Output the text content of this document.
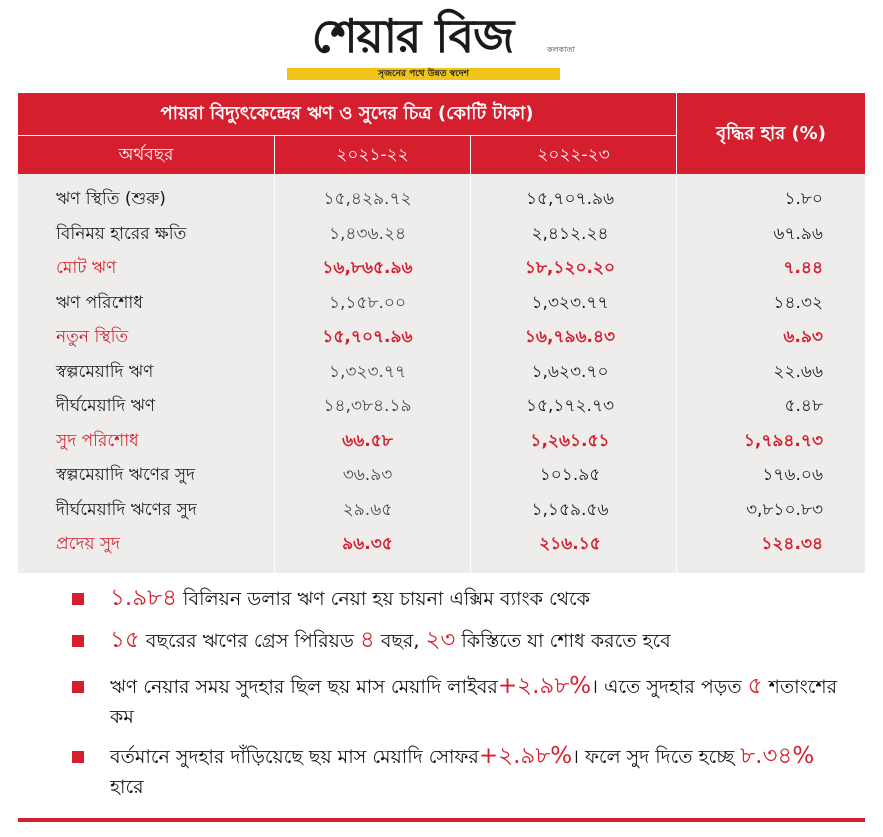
শেয়ার বিজ	কলকাতা
সৃজনের পথে উন্নত স্বদেশ
পায়রা বিদ্যুৎকেন্দ্রের ঋণ ও সুদের চিত্র (কোটি টাকা)
অর্থবছর	২০২১-২২	২০২২-২৩
বৃদ্ধির হার (%)
ঋণ স্থিতি (শুরু)	১৫,৪২৯.৭২	১৫,৭০৭.৯৬	১.৮০
বিনিময় হারের ক্ষতি	১,৪৩৬.২৪	২,৪১২.২৪	৬৭.৯৬
মোট ঋণ	১৬,৮৬৫.৯৬	১৮,১২০.২০	৭.৪৪
ঋণ পরিশোধ	১,১৫৮.০০	১,৩২৩.৭৭	১৪.৩২
নতুন স্থিতি	১৫,৭০৭.৯৬	১৬,৭৯৬.৪৩	৬.৯৩
স্বল্পমেয়াদি ঋণ	১,৩২৩.৭৭	১,৬২৩.৭০	২২.৬৬
দীর্ঘমেয়াদি ঋণ	১৪,৩৮৪.১৯	১৫,১৭২.৭৩	৫.৪৮
সুদ পরিশোধ	৬৬.৫৮	১,২৬১.৫১	১,৭৯৪.৭৩
স্বল্পমেয়াদি ঋণের সুদ	৩৬.৯৩	১০১.৯৫	১৭৬.০৬
দীর্ঘমেয়াদি ঋণের সুদ	২৯.৬৫	১,১৫৯.৫৬	৩,৮১০.৮৩
প্রদেয় সুদ	৯৬.৩৫	২১৬.১৫	১২৪.৩৪
১.৯৮৪ বিলিয়ন ডলার ঋণ নেয়া হয় চায়না এক্সিম ব্যাংক থেকে
১৫ বছরের ঋণের গ্রেস পিরিয়ড ৪ বছর, ২৩ কিস্তিতে যা শোধ করতে হবে
ঋণ নেয়ার সময় সুদহার ছিল ছয় মাস মেয়াদি লাইবর+২.৯৮%। এতে সুদহার পড়ত ৫ শতাংশের কম
বর্তমানে সুদহার দাঁড়িয়েছে ছয় মাস মেয়াদি সোফর+২.৯৮%। ফলে সুদ দিতে হচ্ছে ৮.৩৪% হারে
